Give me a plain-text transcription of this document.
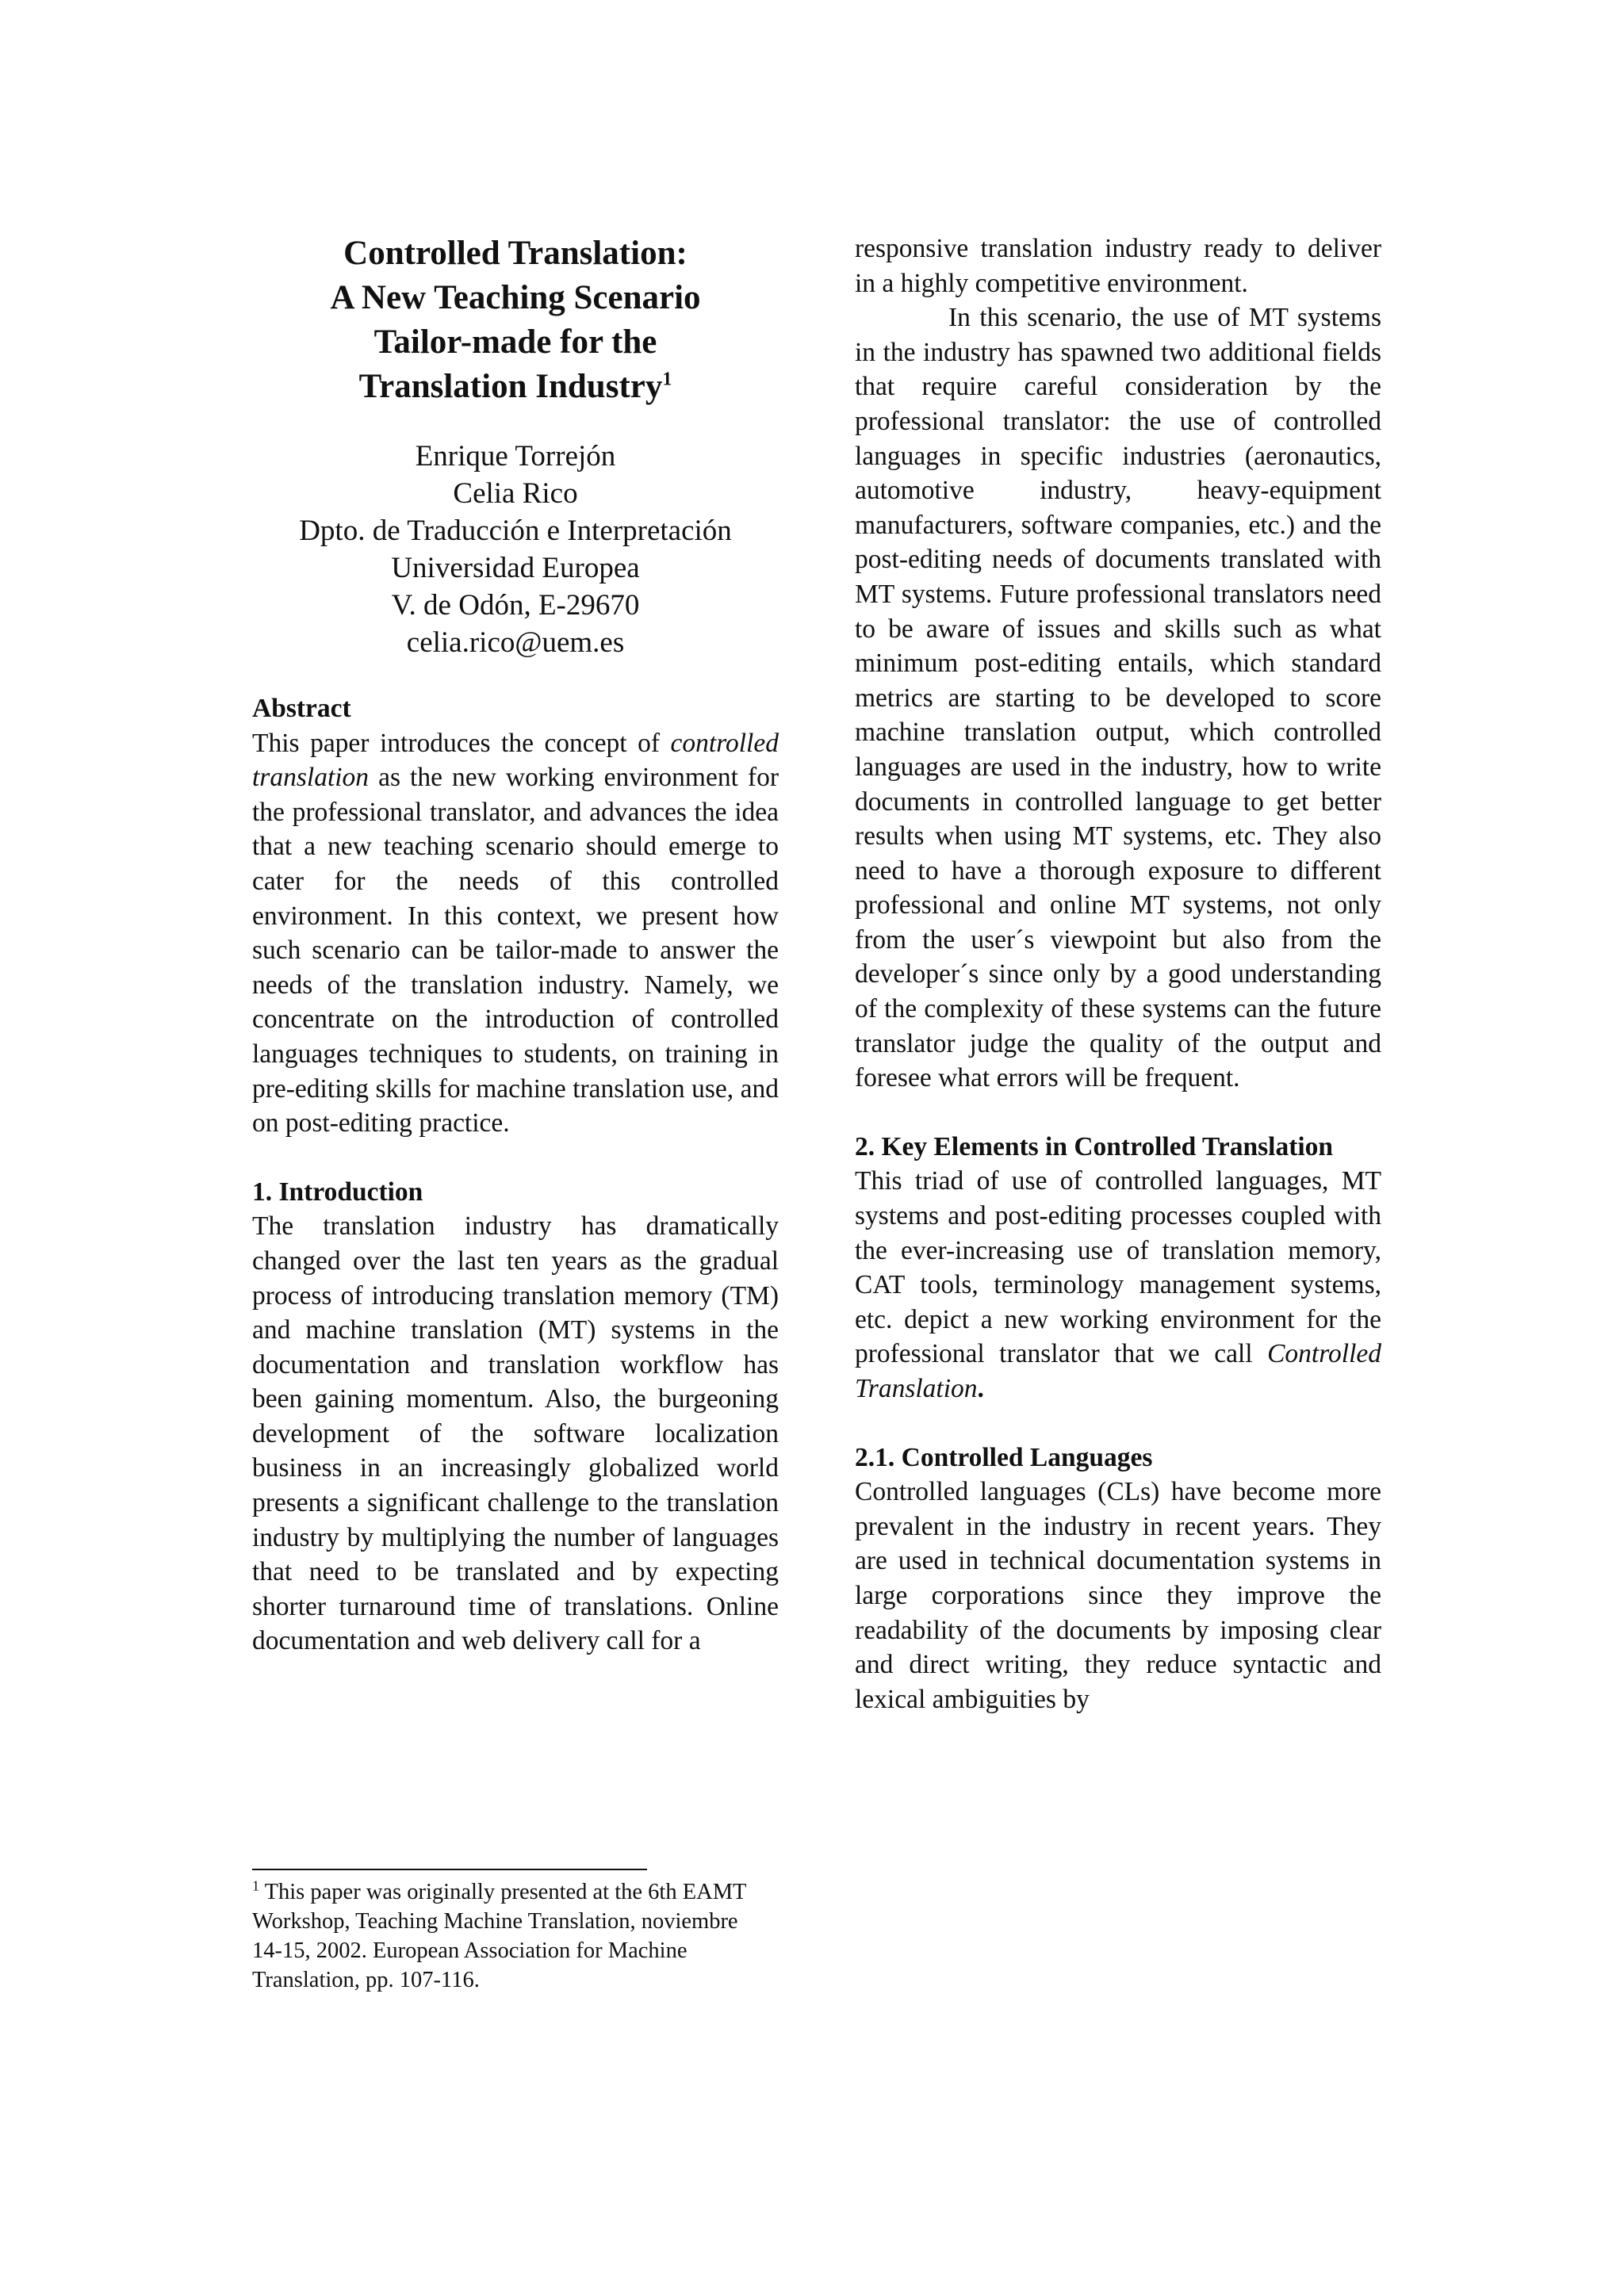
Controlled Translation:
A New Teaching Scenario
Tailor-made for the
Translation Industry$^1$
Enrique Torrejón
Celia Rico
Dpto. de Traducción e Interpretación
Universidad Europea
V. de Odón, E-29670
celia.rico@uem.es
Abstract

This paper introduces the concept of controlled translation as the new working environment for the professional translator, and advances the idea that a new teaching scenario should emerge to cater for the needs of this controlled environment. In this context, we present how such scenario can be tailor-made to answer the needs of the translation industry. Namely, we concentrate on the introduction of controlled languages techniques to students, on training in pre-editing skills for machine translation use, and on post-editing practice.

1. Introduction

The translation industry has dramatically changed over the last ten years as the gradual process of introducing translation memory (TM) and machine translation (MT) systems in the documentation and translation workflow has been gaining momentum. Also, the burgeoning development of the software localization business in an increasingly globalized world presents a significant challenge to the translation industry by multiplying the number of languages that need to be translated and by expecting shorter turnaround time of translations. Online documentation and web delivery call for a

$^1$ This paper was originally presented at the 6th EAMT Workshop, Teaching Machine Translation, noviembre 14-15, 2002. European Association for Machine Translation, pp. 107-116.

responsive translation industry ready to deliver in a highly competitive environment.

In this scenario, the use of MT systems in the industry has spawned two additional fields that require careful consideration by the professional translator: the use of controlled languages in specific industries (aeronautics, automotive industry, heavy-equipment manufacturers, software companies, etc.) and the post-editing needs of documents translated with MT systems. Future professional translators need to be aware of issues and skills such as what minimum post-editing entails, which standard metrics are starting to be developed to score machine translation output, which controlled languages are used in the industry, how to write documents in controlled language to get better results when using MT systems, etc. They also need to have a thorough exposure to different professional and online MT systems, not only from the user´s viewpoint but also from the developer´s since only by a good understanding of the complexity of these systems can the future translator judge the quality of the output and foresee what errors will be frequent.

2. Key Elements in Controlled Translation

This triad of use of controlled languages, MT systems and post-editing processes coupled with the ever-increasing use of translation memory, CAT tools, terminology management systems, etc. depict a new working environment for the professional translator that we call Controlled Translation.

2.1. Controlled Languages

Controlled languages (CLs) have become more prevalent in the industry in recent years. They are used in technical documentation systems in large corporations since they improve the readability of the documents by imposing clear and direct writing, they reduce syntactic and lexical ambiguities by
